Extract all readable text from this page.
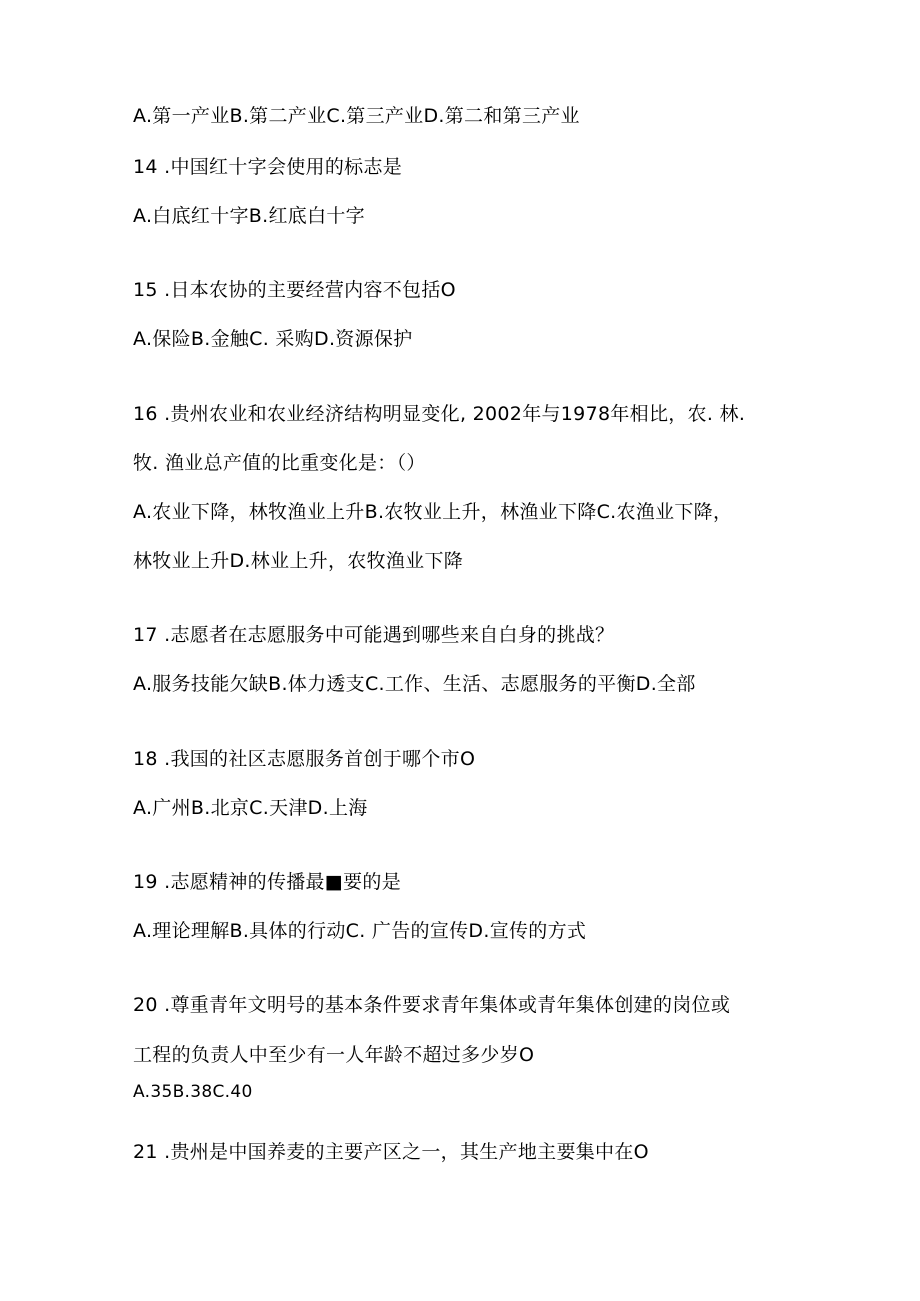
A.第一产业B.第二产业C.第三产业D.第二和第三产业
14 .中国红十字会使用的标志是
A.白底红十字B.红底白十字
15 .日本农协的主要经营内容不包括O
A.保险B.金触C. 采购D.资源保护
16 .贵州农业和农业经济结构明显变化, 2002年与1978年相比，农. 林.
牧. 渔业总产值的比重变化是：（）
A.农业下降，林牧渔业上升B.农牧业上升，林渔业下降C.农渔业下降，
林牧业上升D.林业上升，农牧渔业下降
17 .志愿者在志愿服务中可能遇到哪些来自白身的挑战？
A.服务技能欠缺B.体力透支C.工作、生活、志愿服务的平衡D.全部
18 .我国的社区志愿服务首创于哪个市O
A.广州B.北京C.天津D.上海
19 .志愿精神的传播最■要的是
A.理论理解B.具体的行动C. 广告的宣传D.宣传的方式
20 .尊重青年文明号的基本条件要求青年集体或青年集体创建的岗位或
工程的负责人中至少有一人年龄不超过多少岁O
A.35B.38C.40
21 .贵州是中国养麦的主要产区之一，其生产地主要集中在O
